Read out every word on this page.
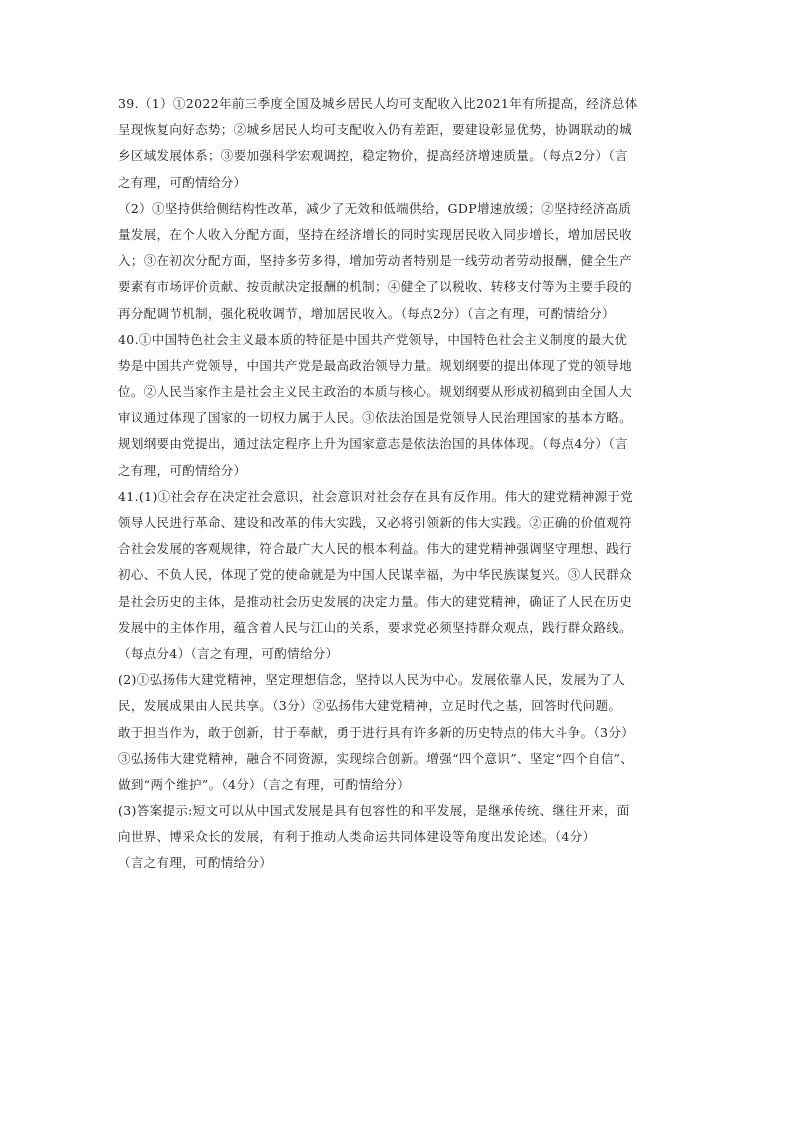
39.（1）①2022年前三季度全国及城乡居民人均可支配收入比2021年有所提高，经济总体
呈现恢复向好态势；②城乡居民人均可支配收入仍有差距，要建设彰显优势，协调联动的城
乡区域发展体系；③要加强科学宏观调控，稳定物价，提高经济增速质量。（每点2分）（言
之有理，可酌情给分）
（2）①坚持供给侧结构性改革，减少了无效和低端供给，GDP增速放缓；②坚持经济高质
量发展，在个人收入分配方面，坚持在经济增长的同时实现居民收入同步增长，增加居民收
入；③在初次分配方面，坚持多劳多得，增加劳动者特别是一线劳动者劳动报酬，健全生产
要素有市场评价贡献、按贡献决定报酬的机制；④健全了以税收、转移支付等为主要手段的
再分配调节机制，强化税收调节，增加居民收入。（每点2分）（言之有理，可酌情给分）
40.①中国特色社会主义最本质的特征是中国共产党领导，中国特色社会主义制度的最大优
势是中国共产党领导，中国共产党是最高政治领导力量。规划纲要的提出体现了党的领导地
位。②人民当家作主是社会主义民主政治的本质与核心。规划纲要从形成初稿到由全国人大
审议通过体现了国家的一切权力属于人民。③依法治国是党领导人民治理国家的基本方略。
规划纲要由党提出，通过法定程序上升为国家意志是依法治国的具体体现。（每点4分）（言
之有理，可酌情给分）
41.(1)①社会存在决定社会意识，社会意识对社会存在具有反作用。伟大的建党精神源于党
领导人民进行革命、建设和改革的伟大实践，又必将引领新的伟大实践。②正确的价值观符
合社会发展的客观规律，符合最广大人民的根本利益。伟大的建党精神强调坚守理想、践行
初心、不负人民，体现了党的使命就是为中国人民谋幸福，为中华民族谋复兴。③人民群众
是社会历史的主体，是推动社会历史发展的决定力量。伟大的建党精神，确证了人民在历史
发展中的主体作用，蕴含着人民与江山的关系，要求党必须坚持群众观点，践行群众路线。
（每点分4）（言之有理，可酌情给分）
(2)①弘扬伟大建党精神，坚定理想信念，坚持以人民为中心。发展依靠人民，发展为了人
民，发展成果由人民共享。（3分）②弘扬伟大建党精神，立足时代之基，回答时代问题。
敢于担当作为，敢于创新，甘于奉献，勇于进行具有许多新的历史特点的伟大斗争。（3分）
③弘扬伟大建党精神，融合不同资源，实现综合创新。增强“四个意识”、坚定“四个自信”、
做到“两个维护”。（4分）（言之有理，可酌情给分）
(3)答案提示:短文可以从中国式发展是具有包容性的和平发展，是继承传统、继往开来，面
向世界、博采众长的发展，有利于推动人类命运共同体建设等角度出发论述。（4分）
（言之有理，可酌情给分）
